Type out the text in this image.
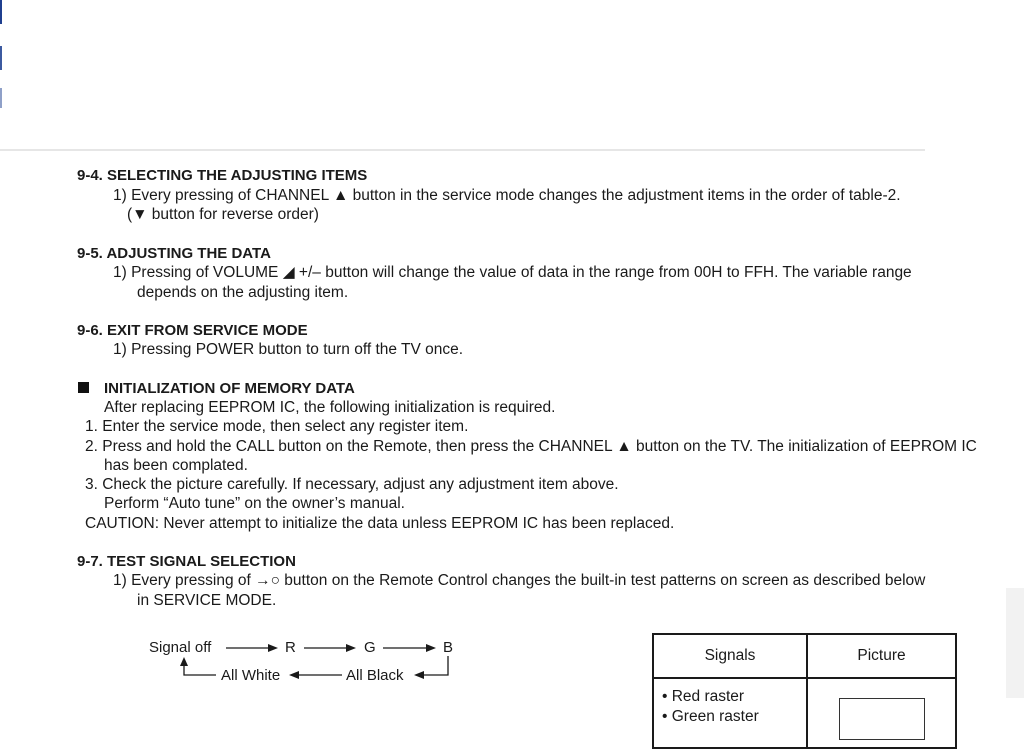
9-4. SELECTING THE ADJUSTING ITEMS
1) Every pressing of CHANNEL ▲ button in the service mode changes the adjustment items in the order of table-2.
(▼ button for reverse order)
9-5. ADJUSTING THE DATA
1) Pressing of VOLUME ◢ +/– button will change the value of data in the range from 00H to FFH. The variable range
depends on the adjusting item.
9-6. EXIT FROM SERVICE MODE
1) Pressing POWER button to turn off the TV once.
INITIALIZATION OF MEMORY DATA
After replacing EEPROM IC, the following initialization is required.
1. Enter the service mode, then select any register item.
2. Press and hold the CALL button on the Remote, then press the CHANNEL ▲ button on the TV. The initialization of EEPROM IC
has been complated.
3. Check the picture carefully. If necessary, adjust any adjustment item above.
Perform “Auto tune” on the owner’s manual.
CAUTION: Never attempt to initialize the data unless EEPROM IC has been replaced.
9-7. TEST SIGNAL SELECTION
1) Every pressing of →○ button on the Remote Control changes the built-in test patterns on screen as described below
in SERVICE MODE.
Signal off	R	G	B
All White	All Black
Signals	Picture

• Red raster
• Green raster	
